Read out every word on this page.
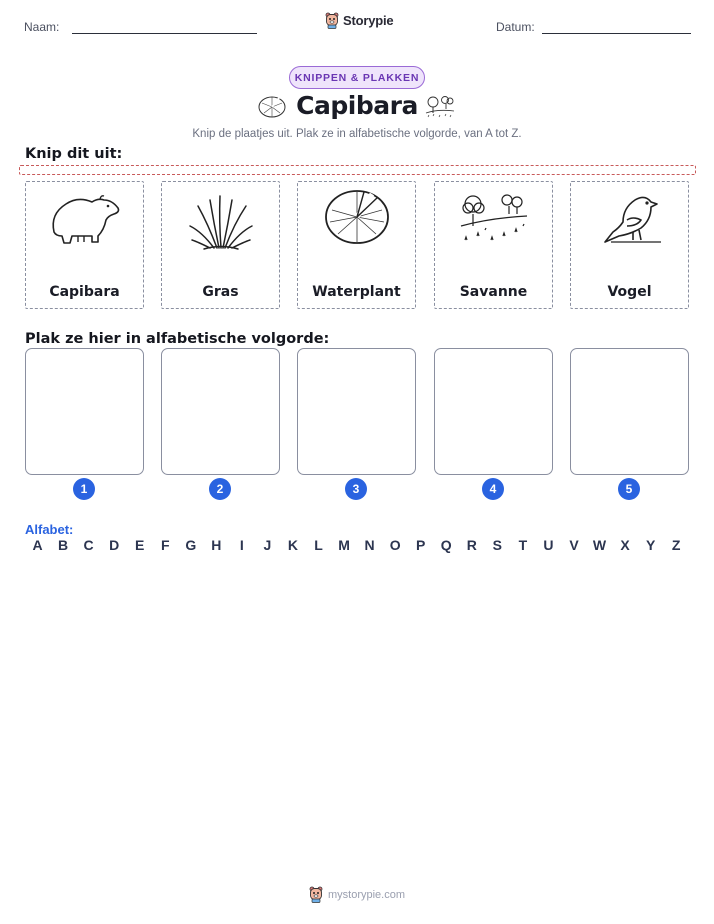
Naam:	Storypie	Datum:
KNIPPEN & PLAKKEN
Capibara
Knip de plaatjes uit. Plak ze in alfabetische volgorde, van A tot Z.
Knip dit uit:
Capibara	Gras	Waterplant	Savanne	Vogel
Plak ze hier in alfabetische volgorde:
1	2	3	4	5
Alfabet:
A	B	C	D	E	F	G	H	I	J	K	L	M	N	O	P	Q	R	S	T	U	V	W	X	Y	Z
mystorypie.com
